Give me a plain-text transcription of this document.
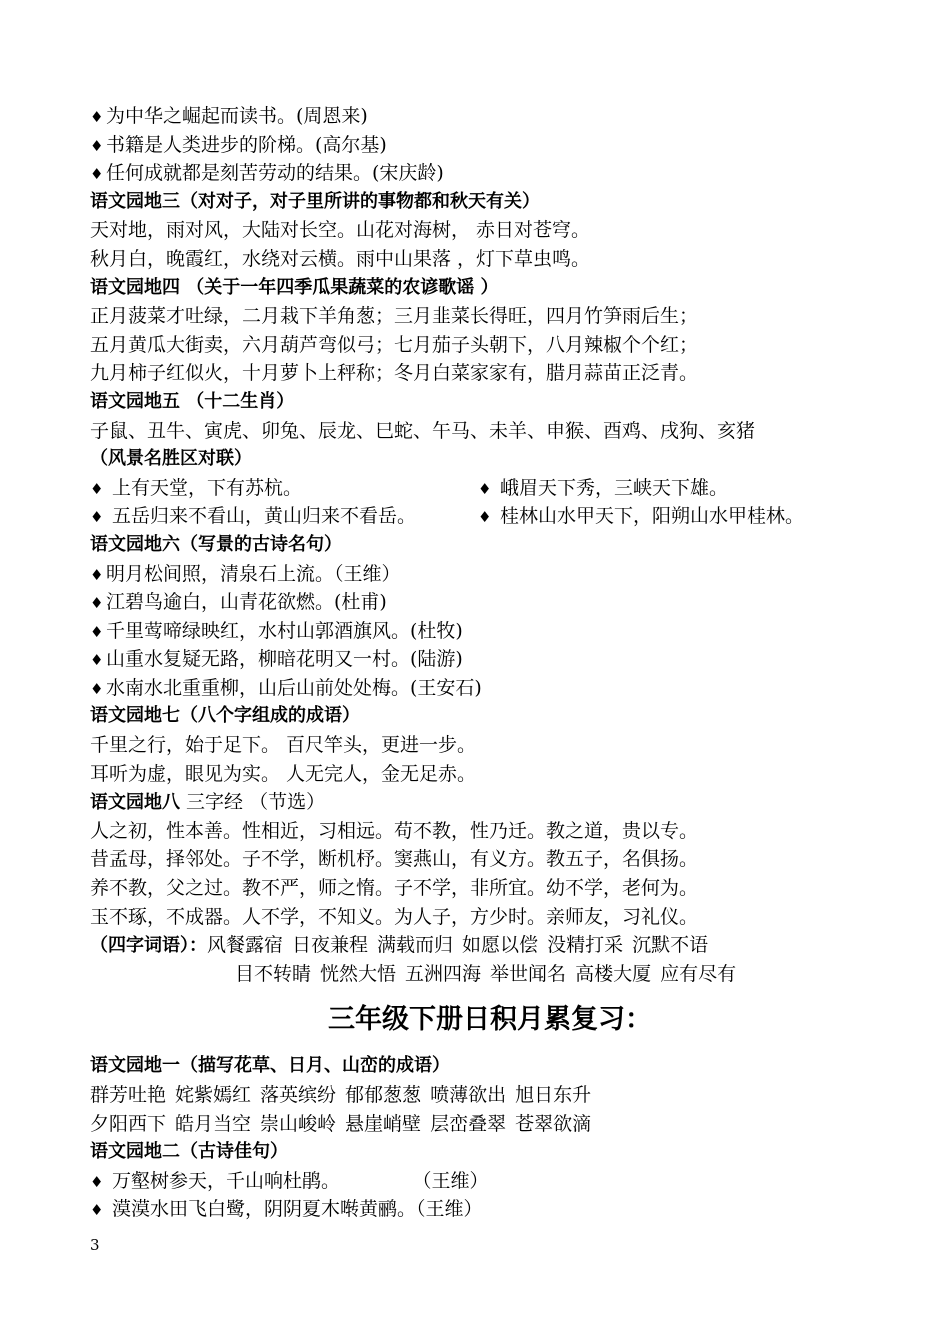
♦ 为中华之崛起而读书。(周恩来)
♦ 书籍是人类进步的阶梯。(高尔基)
♦ 任何成就都是刻苦劳动的结果。(宋庆龄)
语文园地三（对对子，对子里所讲的事物都和秋天有关）
天对地，雨对风，大陆对长空。山花对海树， 赤日对苍穹。
秋月白，晚霞红，水绕对云横。雨中山果落 ，灯下草虫鸣。
语文园地四 （关于一年四季瓜果蔬菜的农谚歌谣 ）
正月菠菜才吐绿，二月栽下羊角葱；三月韭菜长得旺，四月竹笋雨后生；
五月黄瓜大街卖，六月葫芦弯似弓；七月茄子头朝下，八月辣椒个个红；
九月柿子红似火，十月萝卜上秤称；冬月白菜家家有，腊月蒜苗正泛青。
语文园地五 （十二生肖）
子鼠、丑牛、寅虎、卯兔、辰龙、巳蛇、午马、未羊、申猴、酉鸡、戌狗、亥猪
（风景名胜区对联）
♦ 上有天堂，下有苏杭。	♦ 峨眉天下秀，三峡天下雄。
♦ 五岳归来不看山，黄山归来不看岳。	♦ 桂林山水甲天下，阳朔山水甲桂林。
语文园地六（写景的古诗名句）
♦ 明月松间照，清泉石上流。（王维）
♦ 江碧鸟逾白，山青花欲燃。(杜甫)
♦ 千里莺啼绿映红，水村山郭酒旗风。(杜牧)
♦ 山重水复疑无路，柳暗花明又一村。(陆游)
♦ 水南水北重重柳，山后山前处处梅。(王安石)
语文园地七（八个字组成的成语）
千里之行，始于足下。 百尺竿头，更进一步。
耳听为虚，眼见为实。 人无完人，金无足赤。
语文园地八 三字经 （节选）
人之初，性本善。性相近，习相远。苟不教，性乃迁。教之道，贵以专。
昔孟母，择邻处。子不学，断机杼。窦燕山，有义方。教五子，名俱扬。
养不教，父之过。教不严，师之惰。子不学，非所宜。幼不学，老何为。
玉不琢，不成器。人不学，不知义。为人子，方少时。亲师友，习礼仪。
（四字词语）：风餐露宿 日夜兼程 满载而归 如愿以偿 没精打采 沉默不语
目不转睛 恍然大悟 五洲四海 举世闻名 高楼大厦 应有尽有
三年级下册日积月累复习：
语文园地一（描写花草、日月、山峦的成语）
群芳吐艳 姹紫嫣红 落英缤纷 郁郁葱葱 喷薄欲出 旭日东升
夕阳西下 皓月当空 崇山峻岭 悬崖峭壁 层峦叠翠 苍翠欲滴
语文园地二（古诗佳句）
♦ 万壑树参天，千山响杜鹃。            （王维）
♦ 漠漠水田飞白鹭，阴阴夏木啭黄鹂。（王维）
3
